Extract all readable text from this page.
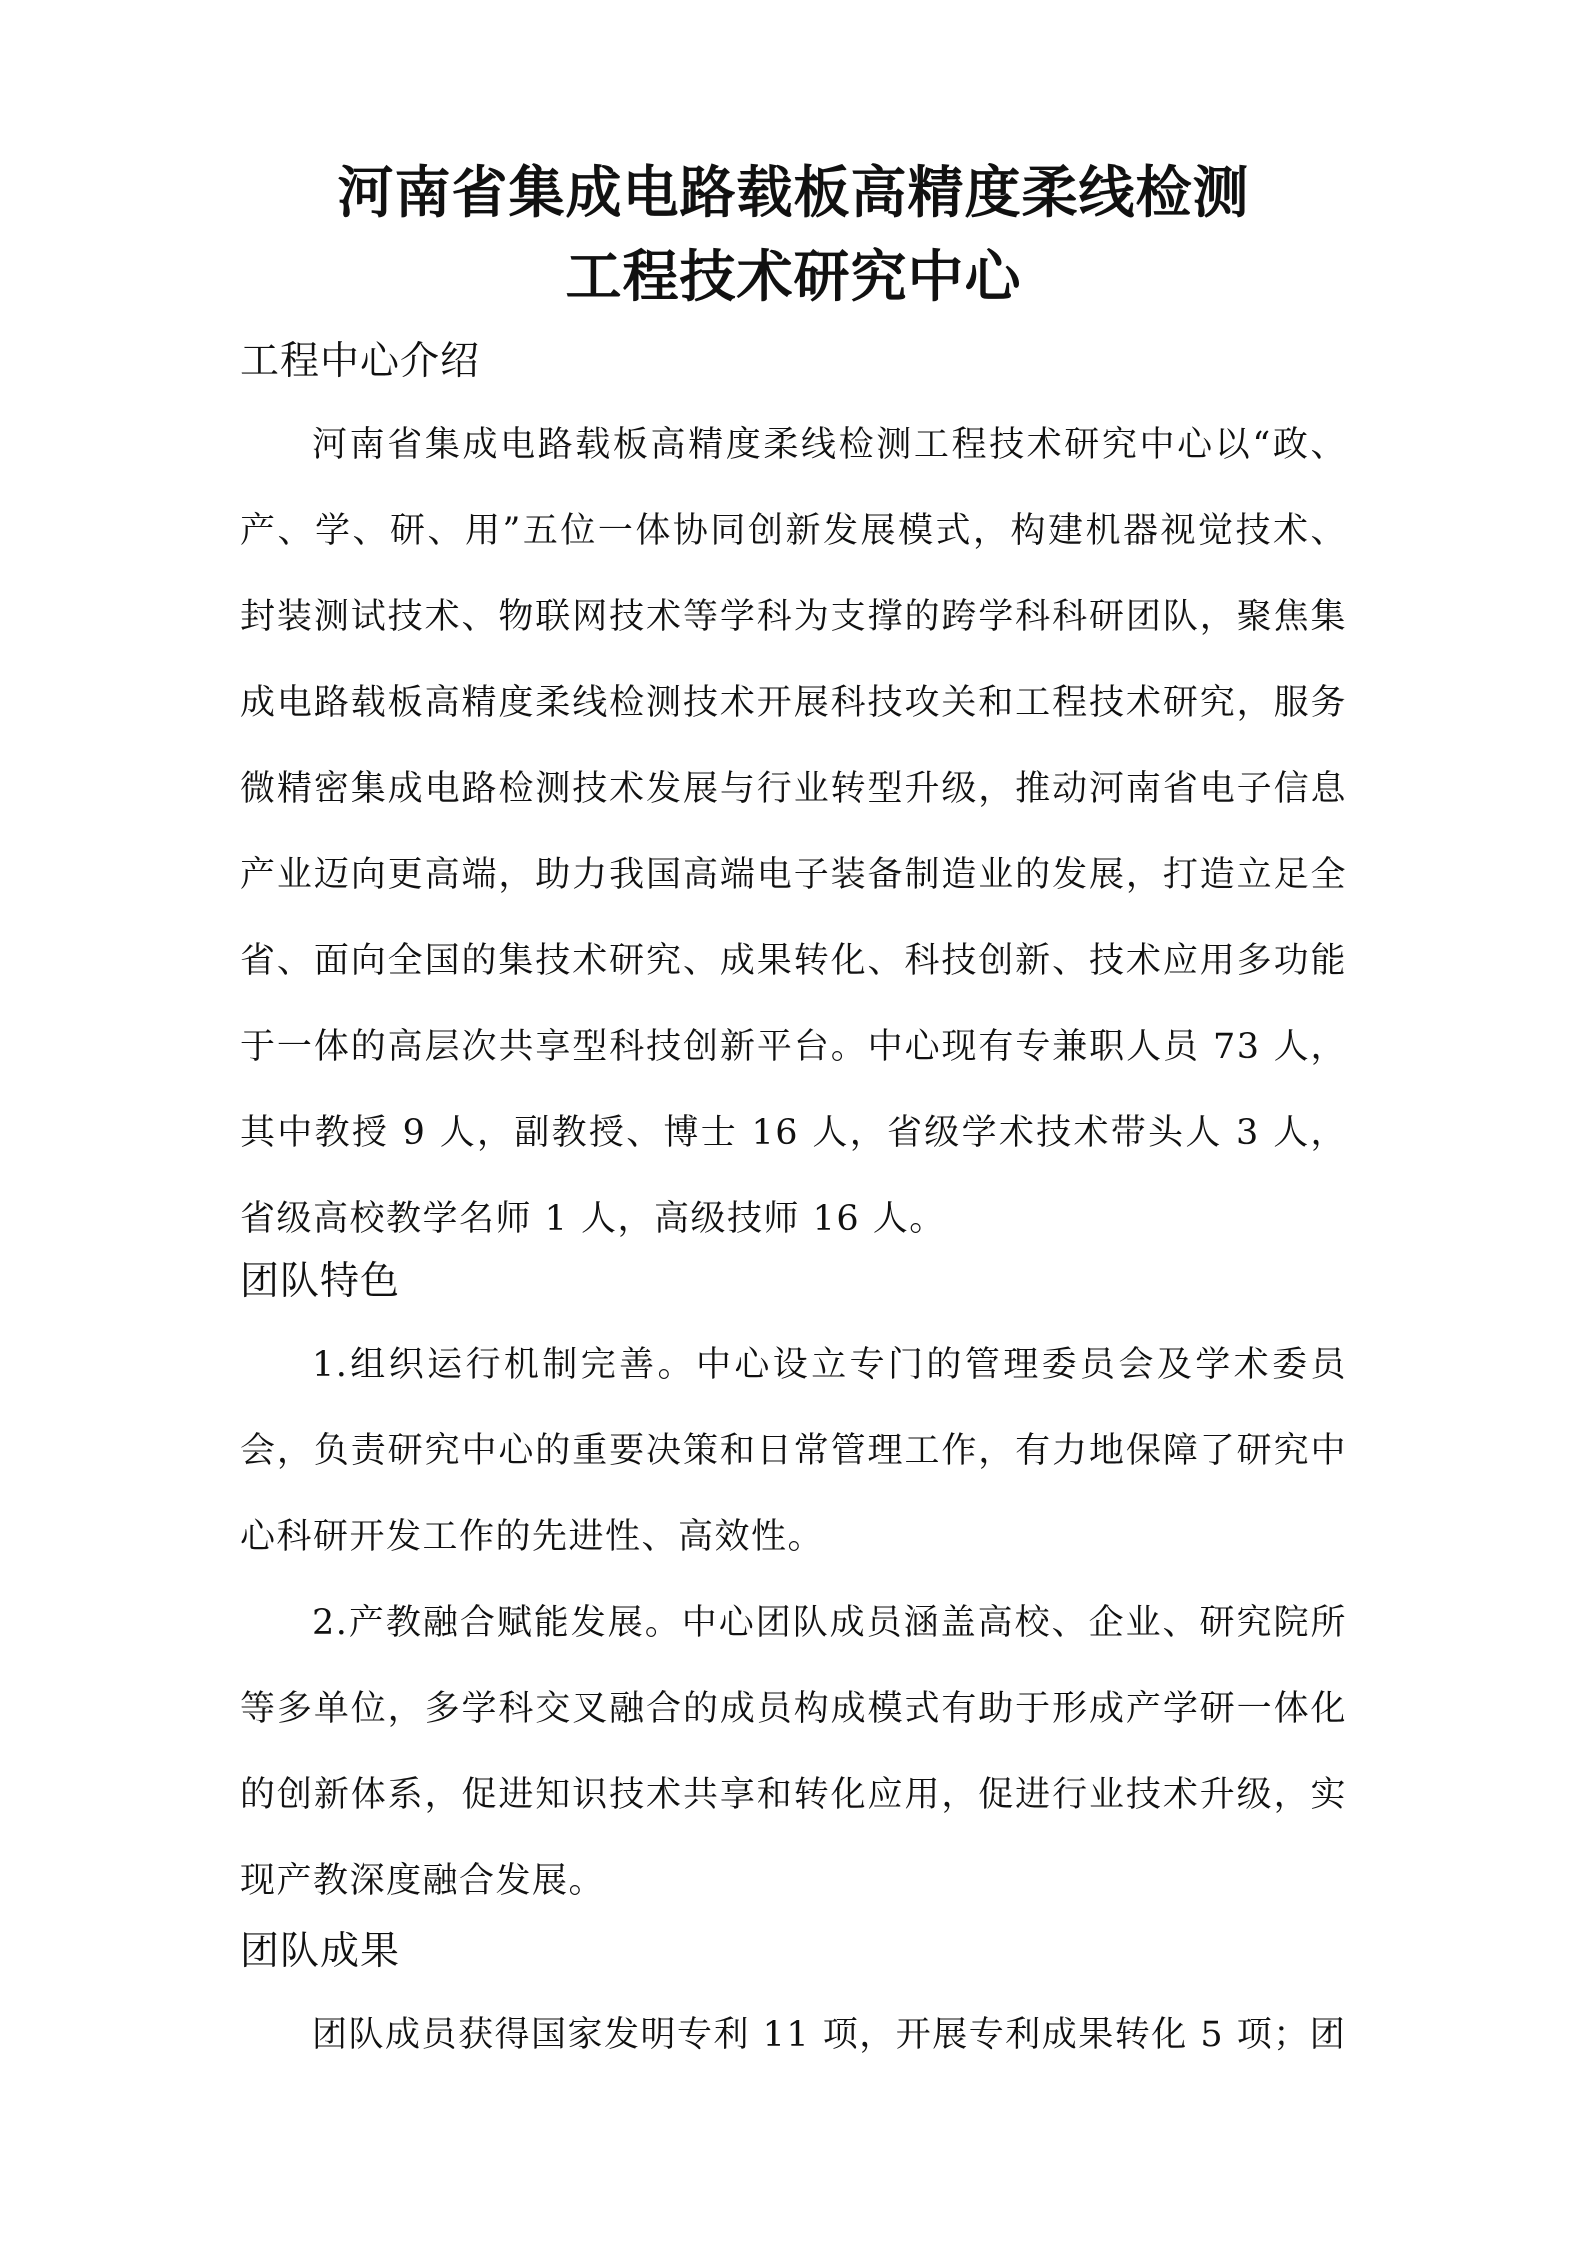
河南省集成电路载板高精度柔线检测
工程技术研究中心
工程中心介绍

河南省集成电路载板高精度柔线检测工程技术研究中心以“政、产、学、研、用”五位一体协同创新发展模式，构建机器视觉技术、封装测试技术、物联网技术等学科为支撑的跨学科科研团队，聚焦集成电路载板高精度柔线检测技术开展科技攻关和工程技术研究，服务微精密集成电路检测技术发展与行业转型升级，推动河南省电子信息产业迈向更高端，助力我国高端电子装备制造业的发展，打造立足全省、面向全国的集技术研究、成果转化、科技创新、技术应用多功能于一体的高层次共享型科技创新平台。中心现有专兼职人员 73 人，其中教授 9 人，副教授、博士 16 人，省级学术技术带头人 3 人，省级高校教学名师 1 人，高级技师 16 人。

团队特色

1.组织运行机制完善。中心设立专门的管理委员会及学术委员会，负责研究中心的重要决策和日常管理工作，有力地保障了研究中心科研开发工作的先进性、高效性。

2.产教融合赋能发展。中心团队成员涵盖高校、企业、研究院所等多单位，多学科交叉融合的成员构成模式有助于形成产学研一体化的创新体系，促进知识技术共享和转化应用，促进行业技术升级，实现产教深度融合发展。

团队成果

团队成员获得国家发明专利 11 项，开展专利成果转化 5 项；团
